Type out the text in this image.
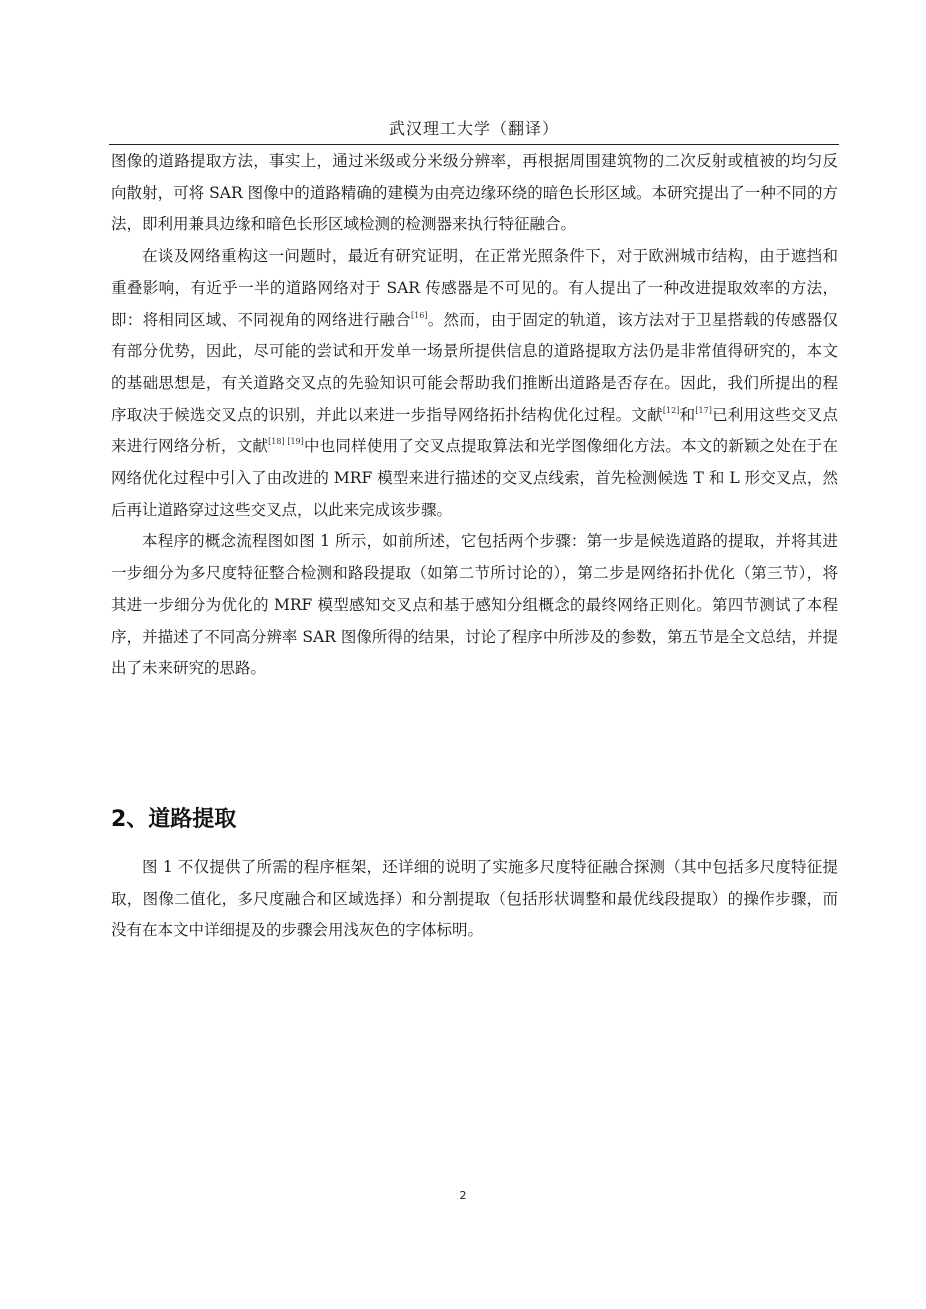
武汉理工大学（翻译）

图像的道路提取方法，事实上，通过米级或分米级分辨率，再根据周围建筑物的二次反射或植被的均匀反向散射，可将 SAR 图像中的道路精确的建模为由亮边缘环绕的暗色长形区域。本研究提出了一种不同的方法，即利用兼具边缘和暗色长形区域检测的检测器来执行特征融合。

在谈及网络重构这一问题时，最近有研究证明，在正常光照条件下，对于欧洲城市结构，由于遮挡和重叠影响，有近乎一半的道路网络对于 SAR 传感器是不可见的。有人提出了一种改进提取效率的方法，即：将相同区域、不同视角的网络进行融合[16]。然而，由于固定的轨道，该方法对于卫星搭载的传感器仅有部分优势，因此，尽可能的尝试和开发单一场景所提供信息的道路提取方法仍是非常值得研究的，本文的基础思想是，有关道路交叉点的先验知识可能会帮助我们推断出道路是否存在。因此，我们所提出的程序取决于候选交叉点的识别，并此以来进一步指导网络拓扑结构优化过程。文献[12]和[17]已利用这些交叉点来进行网络分析，文献[18] [19]中也同样使用了交叉点提取算法和光学图像细化方法。本文的新颖之处在于在网络优化过程中引入了由改进的 MRF 模型来进行描述的交叉点线索，首先检测候选 T 和 L 形交叉点，然后再让道路穿过这些交叉点，以此来完成该步骤。

本程序的概念流程图如图 1 所示，如前所述，它包括两个步骤：第一步是候选道路的提取，并将其进一步细分为多尺度特征整合检测和路段提取（如第二节所讨论的），第二步是网络拓扑优化（第三节），将其进一步细分为优化的 MRF 模型感知交叉点和基于感知分组概念的最终网络正则化。第四节测试了本程序，并描述了不同高分辨率 SAR 图像所得的结果，讨论了程序中所涉及的参数，第五节是全文总结，并提出了未来研究的思路。

2、道路提取

图 1 不仅提供了所需的程序框架，还详细的说明了实施多尺度特征融合探测（其中包括多尺度特征提取，图像二值化，多尺度融合和区域选择）和分割提取（包括形状调整和最优线段提取）的操作步骤，而没有在本文中详细提及的步骤会用浅灰色的字体标明。

2
